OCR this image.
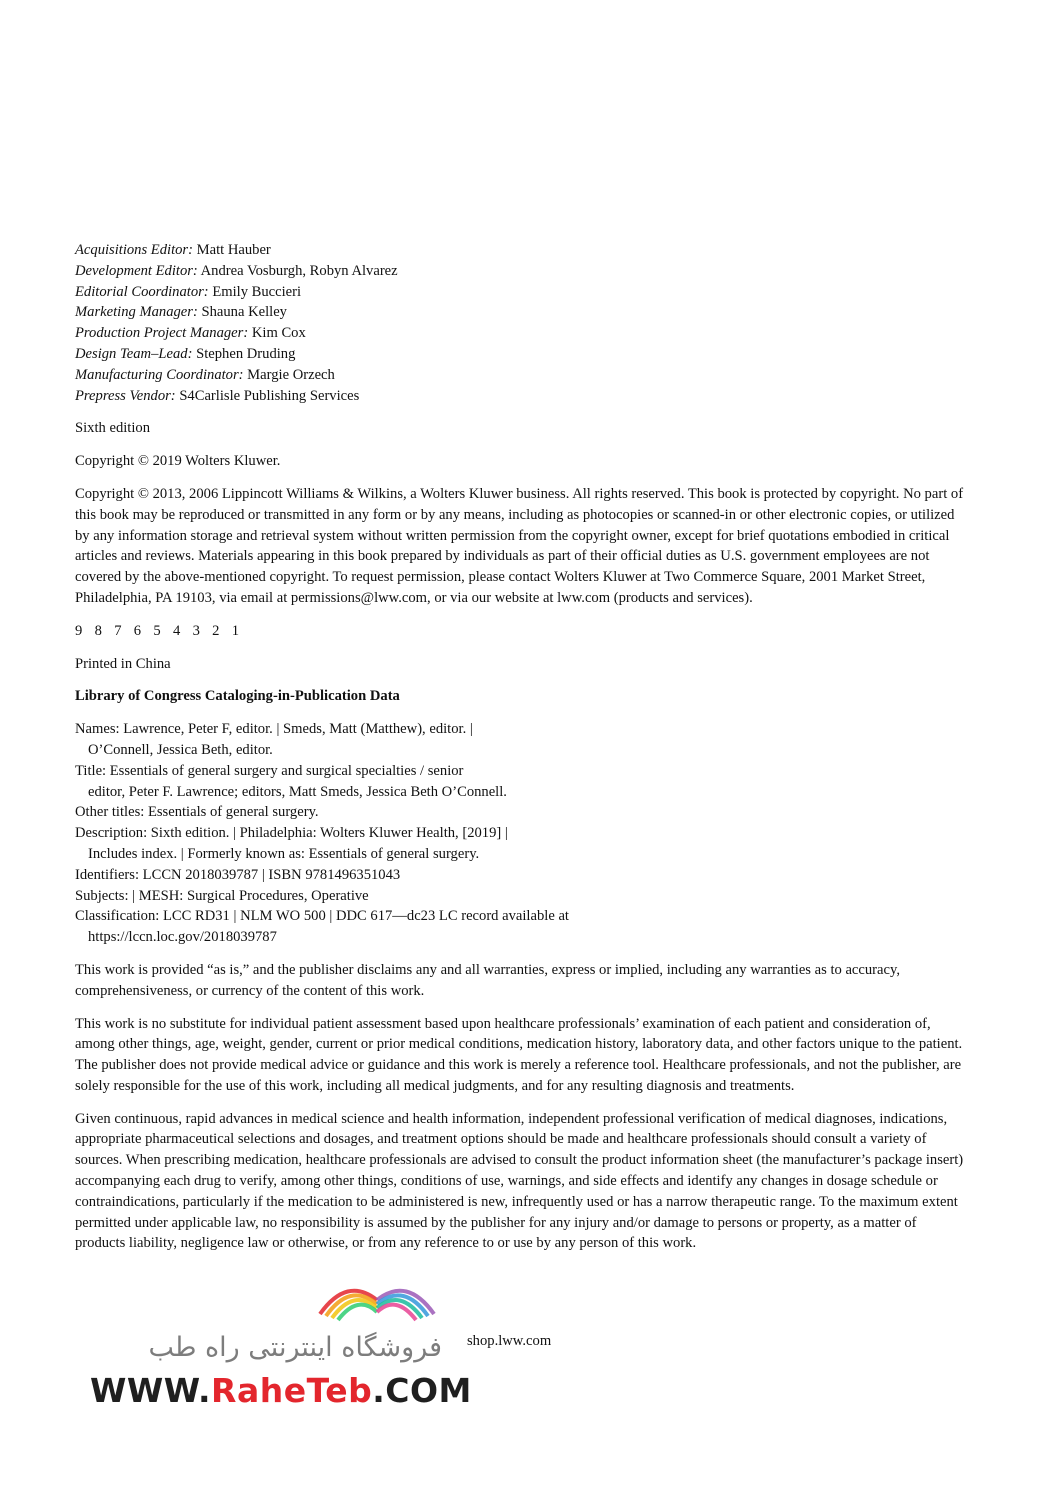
Acquisitions Editor: Matt Hauber
Development Editor: Andrea Vosburgh, Robyn Alvarez
Editorial Coordinator: Emily Buccieri
Marketing Manager: Shauna Kelley
Production Project Manager: Kim Cox
Design Team–Lead: Stephen Druding
Manufacturing Coordinator: Margie Orzech
Prepress Vendor: S4Carlisle Publishing Services

Sixth edition

Copyright © 2019 Wolters Kluwer.

Copyright © 2013, 2006 Lippincott Williams & Wilkins, a Wolters Kluwer business. All rights reserved. This book is protected by copyright. No part of this book may be reproduced or transmitted in any form or by any means, including as photocopies or scanned-in or other electronic copies, or utilized by any information storage and retrieval system without written permission from the copyright owner, except for brief quotations embodied in critical articles and reviews. Materials appearing in this book prepared by individuals as part of their official duties as U.S. government employees are not covered by the above-mentioned copyright. To request permission, please contact Wolters Kluwer at Two Commerce Square, 2001 Market Street, Philadelphia, PA 19103, via email at permissions@lww.com, or via our website at lww.com (products and services).

9 8 7 6 5 4 3 2 1

Printed in China

Library of Congress Cataloging-in-Publication Data

Names: Lawrence, Peter F, editor. | Smeds, Matt (Matthew), editor. |
O’Connell, Jessica Beth, editor.
Title: Essentials of general surgery and surgical specialties / senior
editor, Peter F. Lawrence; editors, Matt Smeds, Jessica Beth O’Connell.
Other titles: Essentials of general surgery.
Description: Sixth edition. | Philadelphia: Wolters Kluwer Health, [2019] |
Includes index. | Formerly known as: Essentials of general surgery.
Identifiers: LCCN 2018039787 | ISBN 9781496351043
Subjects: | MESH: Surgical Procedures, Operative
Classification: LCC RD31 | NLM WO 500 | DDC 617—dc23 LC record available at
https://lccn.loc.gov/2018039787

This work is provided “as is,” and the publisher disclaims any and all warranties, express or implied, including any warranties as to accuracy, comprehensiveness, or currency of the content of this work.

This work is no substitute for individual patient assessment based upon healthcare professionals’ examination of each patient and consideration of, among other things, age, weight, gender, current or prior medical conditions, medication history, laboratory data, and other factors unique to the patient. The publisher does not provide medical advice or guidance and this work is merely a reference tool. Healthcare professionals, and not the publisher, are solely responsible for the use of this work, including all medical judgments, and for any resulting diagnosis and treatments.

Given continuous, rapid advances in medical science and health information, independent professional verification of medical diagnoses, indications, appropriate pharmaceutical selections and dosages, and treatment options should be made and healthcare professionals should consult a variety of sources. When prescribing medication, healthcare professionals are advised to consult the product information sheet (the manufacturer’s package insert) accompanying each drug to verify, among other things, conditions of use, warnings, and side effects and identify any changes in dosage schedule or contraindications, particularly if the medication to be administered is new, infrequently used or has a narrow therapeutic range. To the maximum extent permitted under applicable law, no responsibility is assumed by the publisher for any injury and/or damage to persons or property, as a matter of products liability, negligence law or otherwise, or from any reference to or use by any person of this work.

shop.lww.com
فروشگاه اینترنتی راه طب
WWW.RaheTeb.COM
